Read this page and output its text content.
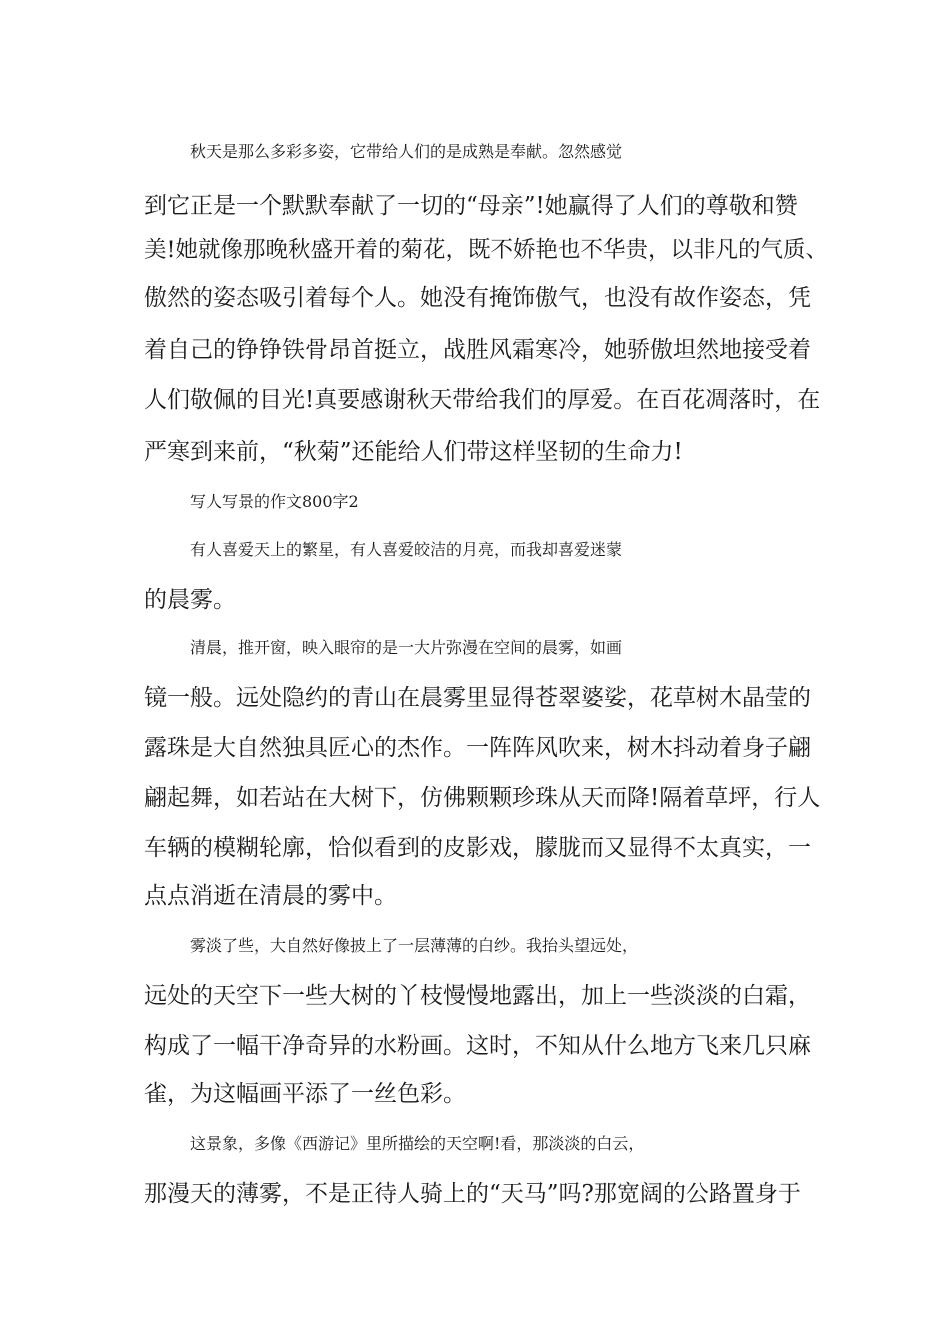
秋天是那么多彩多姿，它带给人们的是成熟是奉献。忽然感觉
到它正是一个默默奉献了一切的“母亲”!她赢得了人们的尊敬和赞
美!她就像那晚秋盛开着的菊花，既不娇艳也不华贵，以非凡的气质、
傲然的姿态吸引着每个人。她没有掩饰傲气，也没有故作姿态，凭
着自己的铮铮铁骨昂首挺立，战胜风霜寒冷，她骄傲坦然地接受着
人们敬佩的目光!真要感谢秋天带给我们的厚爱。在百花凋落时，在
严寒到来前，“秋菊”还能给人们带这样坚韧的生命力!
写人写景的作文800字2
有人喜爱天上的繁星，有人喜爱皎洁的月亮，而我却喜爱迷蒙
的晨雾。
清晨，推开窗，映入眼帘的是一大片弥漫在空间的晨雾，如画
镜一般。远处隐约的青山在晨雾里显得苍翠婆娑，花草树木晶莹的
露珠是大自然独具匠心的杰作。一阵阵风吹来，树木抖动着身子翩
翩起舞，如若站在大树下，仿佛颗颗珍珠从天而降!隔着草坪，行人
车辆的模糊轮廓，恰似看到的皮影戏，朦胧而又显得不太真实，一
点点消逝在清晨的雾中。
雾淡了些，大自然好像披上了一层薄薄的白纱。我抬头望远处，
远处的天空下一些大树的丫枝慢慢地露出，加上一些淡淡的白霜，
构成了一幅干净奇异的水粉画。这时，不知从什么地方飞来几只麻
雀，为这幅画平添了一丝色彩。
这景象，多像《西游记》里所描绘的天空啊!看，那淡淡的白云，
那漫天的薄雾，不是正待人骑上的“天马”吗?那宽阔的公路置身于
